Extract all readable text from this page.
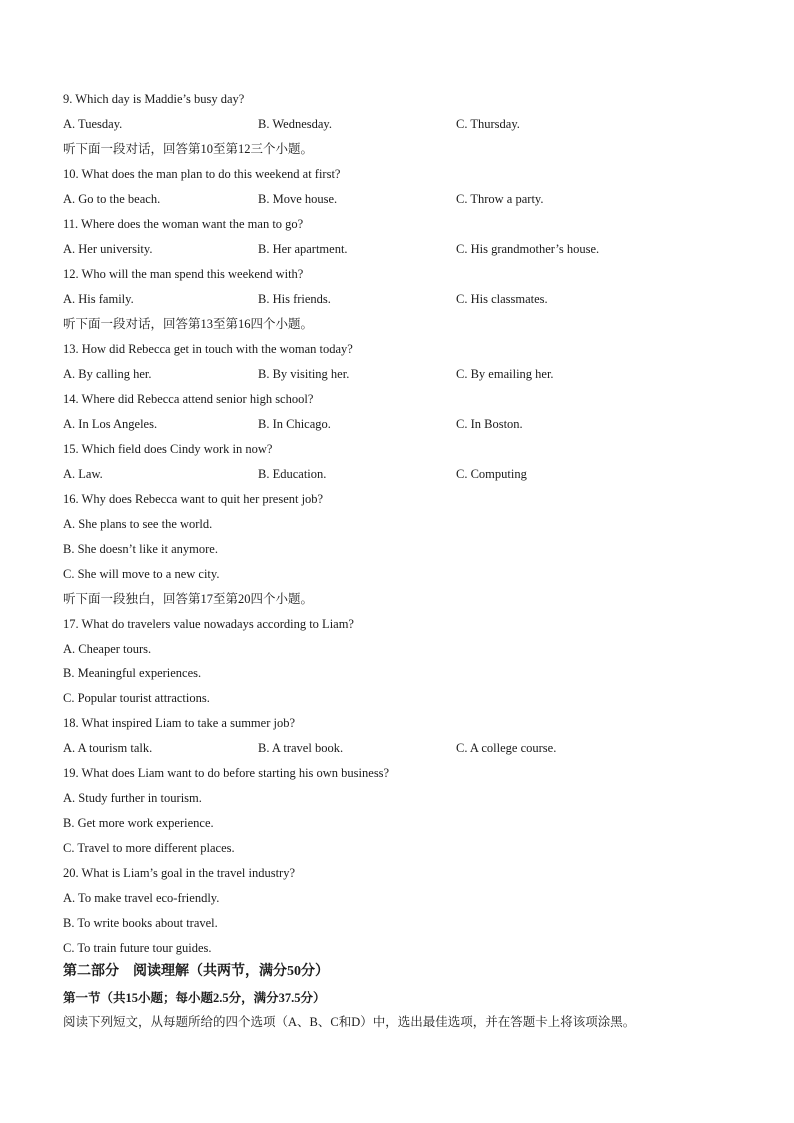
9. Which day is Maddie’s busy day?
A. Tuesday.	B. Wednesday.	C. Thursday.
听下面一段对话，回答第10至第12三个小题。
10. What does the man plan to do this weekend at first?
A. Go to the beach.	B. Move house.	C. Throw a party.
11. Where does the woman want the man to go?
A. Her university.	B. Her apartment.	C. His grandmother’s house.
12. Who will the man spend this weekend with?
A. His family.	B. His friends.	C. His classmates.
听下面一段对话，回答第13至第16四个小题。
13. How did Rebecca get in touch with the woman today?
A. By calling her.	B. By visiting her.	C. By emailing her.
14. Where did Rebecca attend senior high school?
A. In Los Angeles.	B. In Chicago.	C. In Boston.
15. Which field does Cindy work in now?
A. Law.	B. Education.	C. Computing
16. Why does Rebecca want to quit her present job?
A. She plans to see the world.
B. She doesn’t like it anymore.
C. She will move to a new city.
听下面一段独白，回答第17至第20四个小题。
17. What do travelers value nowadays according to Liam?
A. Cheaper tours.
B. Meaningful experiences.
C. Popular tourist attractions.
18. What inspired Liam to take a summer job?
A. A tourism talk.	B. A travel book.	C. A college course.
19. What does Liam want to do before starting his own business?
A. Study further in tourism.
B. Get more work experience.
C. Travel to more different places.
20. What is Liam’s goal in the travel industry?
A. To make travel eco-friendly.
B. To write books about travel.
C. To train future tour guides.
第二部分　阅读理解（共两节，满分50分）
第一节（共15小题；每小题2.5分，满分37.5分）
阅读下列短文，从每题所给的四个选项（A、B、C和D）中，选出最佳选项，并在答题卡上将该项涂黑。
